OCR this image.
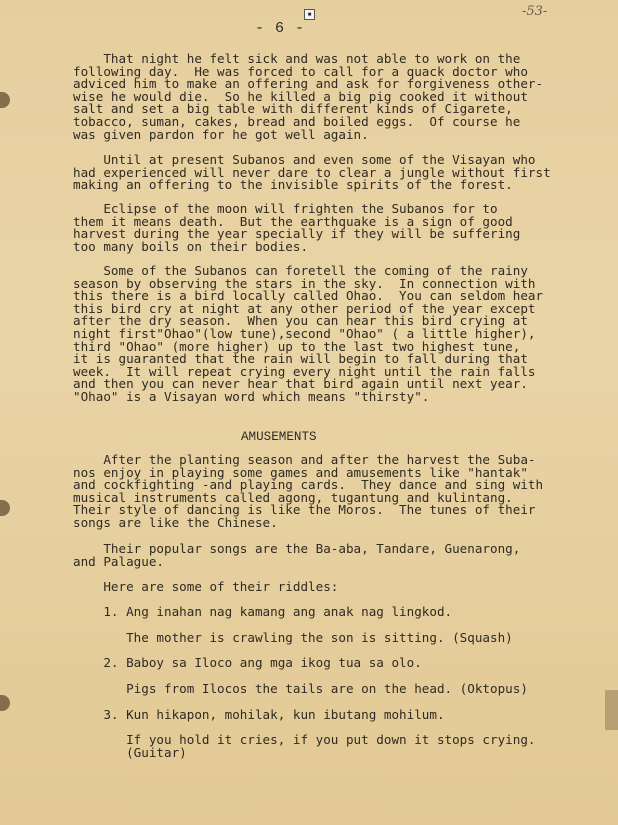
■
- 6 -
-53-
That night he felt sick and was not able to work on the
following day.  He was forced to call for a quack doctor who
adviced him to make an offering and ask for forgiveness other-
wise he would die.  So he killed a big pig cooked it without
salt and set a big table with different kinds of Cigarete,
tobacco, suman, cakes, bread and boiled eggs.  Of course he
was given pardon for he got well again.
Until at present Subanos and even some of the Visayan who
had experienced will never dare to clear a jungle without first
making an offering to the invisible spirits of the forest.
Eclipse of the moon will frighten the Subanos for to
them it means death.  But the earthquake is a sign of good
harvest during the year specially if they will be suffering
too many boils on their bodies.
Some of the Subanos can foretell the coming of the rainy
season by observing the stars in the sky.  In connection with
this there is a bird locally called Ohao.  You can seldom hear
this bird cry at night at any other period of the year except
after the dry season.  When you can hear this bird crying at
night first"Ohao"(low tune),second "Ohao" ( a little higher),
third "Ohao" (more higher) up to the last two highest tune,
it is guaranted that the rain will begin to fall during that
week.  It will repeat crying every night until the rain falls
and then you can never hear that bird again until next year.
"Ohao" is a Visayan word which means "thirsty".
AMUSEMENTS
After the planting season and after the harvest the Suba-
nos enjoy in playing some games and amusements like "hantak"
and cockfighting -and playing cards.  They dance and sing with
musical instruments called agong, tugantung and kulintang.
Their style of dancing is like the Moros.  The tunes of their
songs are like the Chinese.
Their popular songs are the Ba-aba, Tandare, Guenarong,
and Palague.
Here are some of their riddles:
1. Ang inahan nag kamang ang anak nag lingkod.
The mother is crawling the son is sitting. (Squash)
2. Baboy sa Iloco ang mga ikog tua sa olo.
Pigs from Ilocos the tails are on the head. (Oktopus)
3. Kun hikapon, mohilak, kun ibutang mohilum.
If you hold it cries, if you put down it stops crying.
(Guitar)
